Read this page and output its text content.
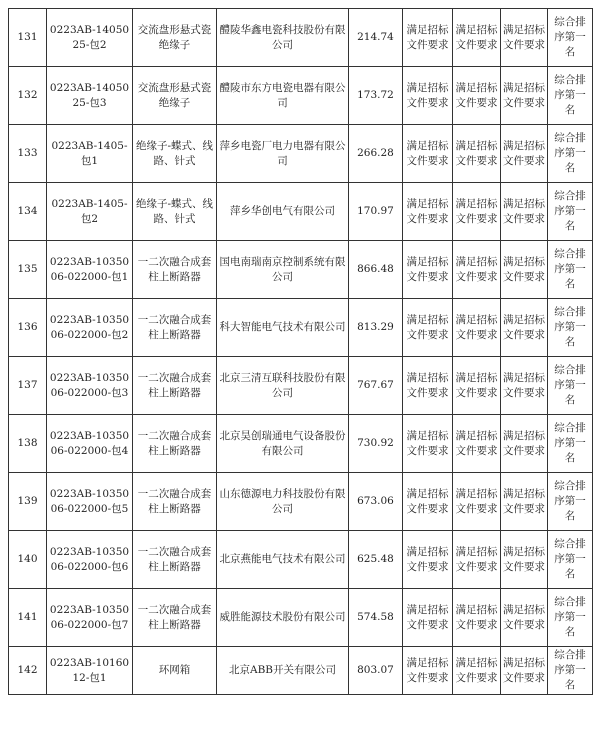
131	0223AB-1405025-包2	交流盘形悬式瓷绝缘子	醴陵华鑫电瓷科技股份有限公司	214.74	满足招标文件要求	满足招标文件要求	满足招标文件要求	综合排序第一名
132	0223AB-1405025-包3	交流盘形悬式瓷绝缘子	醴陵市东方电瓷电器有限公司	173.72	满足招标文件要求	满足招标文件要求	满足招标文件要求	综合排序第一名
133	0223AB-1405-包1	绝缘子-蝶式、线路、针式	萍乡电瓷厂电力电器有限公司	266.28	满足招标文件要求	满足招标文件要求	满足招标文件要求	综合排序第一名
134	0223AB-1405-包2	绝缘子-蝶式、线路、针式	萍乡华创电气有限公司	170.97	满足招标文件要求	满足招标文件要求	满足招标文件要求	综合排序第一名
135	0223AB-1035006-022000-包1	一二次融合成套柱上断路器	国电南瑞南京控制系统有限公司	866.48	满足招标文件要求	满足招标文件要求	满足招标文件要求	综合排序第一名
136	0223AB-1035006-022000-包2	一二次融合成套柱上断路器	科大智能电气技术有限公司	813.29	满足招标文件要求	满足招标文件要求	满足招标文件要求	综合排序第一名
137	0223AB-1035006-022000-包3	一二次融合成套柱上断路器	北京三清互联科技股份有限公司	767.67	满足招标文件要求	满足招标文件要求	满足招标文件要求	综合排序第一名
138	0223AB-1035006-022000-包4	一二次融合成套柱上断路器	北京昊创瑞通电气设备股份有限公司	730.92	满足招标文件要求	满足招标文件要求	满足招标文件要求	综合排序第一名
139	0223AB-1035006-022000-包5	一二次融合成套柱上断路器	山东德源电力科技股份有限公司	673.06	满足招标文件要求	满足招标文件要求	满足招标文件要求	综合排序第一名
140	0223AB-1035006-022000-包6	一二次融合成套柱上断路器	北京燕能电气技术有限公司	625.48	满足招标文件要求	满足招标文件要求	满足招标文件要求	综合排序第一名
141	0223AB-1035006-022000-包7	一二次融合成套柱上断路器	威胜能源技术股份有限公司	574.58	满足招标文件要求	满足招标文件要求	满足招标文件要求	综合排序第一名
142	0223AB-1016012-包1	环网箱	北京ABB开关有限公司	803.07	满足招标文件要求	满足招标文件要求	满足招标文件要求	综合排序第一名
